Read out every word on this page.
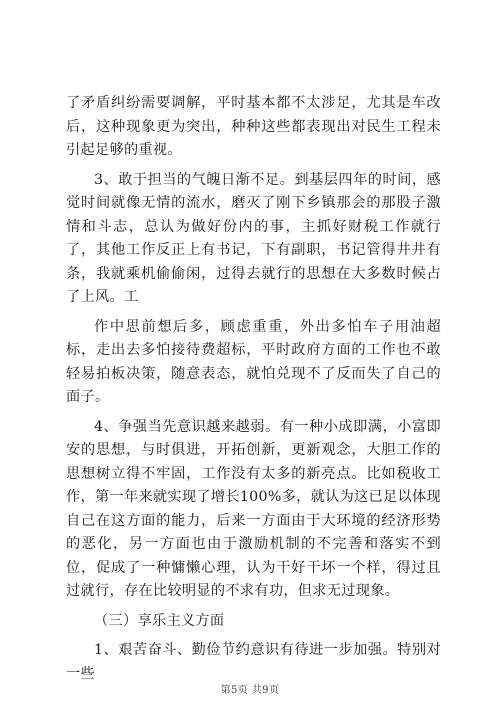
了矛盾纠纷需要调解，平时基本都不太涉足，尤其是车改后，这种现象更为突出，种种这些都表现出对民生工程未引起足够的重视。

3、敢于担当的气魄日渐不足。到基层四年的时间，感觉时间就像无情的流水，磨灭了刚下乡镇那会的那股子激情和斗志，总认为做好份内的事，主抓好财税工作就行了，其他工作反正上有书记，下有副职，书记管得井井有条，我就乘机偷偷闲，过得去就行的思想在大多数时候占了上风。工

作中思前想后多，顾虑重重，外出多怕车子用油超标，走出去多怕接待费超标，平时政府方面的工作也不敢轻易拍板决策，随意表态，就怕兑现不了反而失了自己的面子。

4、争强当先意识越来越弱。有一种小成即满，小富即安的思想，与时俱进，开拓创新，更新观念，大胆工作的思想树立得不牢固，工作没有太多的新亮点。比如税收工作，第一年来就实现了增长100%多，就认为这已足以体现自己在这方面的能力，后来一方面由于大环境的经济形势的恶化，另一方面也由于激励机制的不完善和落实不到位，促成了一种慵懒心理，认为干好干坏一个样，得过且过就行，存在比较明显的不求有功，但求无过现象。

（三）享乐主义方面

1、艰苦奋斗、勤俭节约意识有待进一步加强。特别对一些

第5页 共9页
